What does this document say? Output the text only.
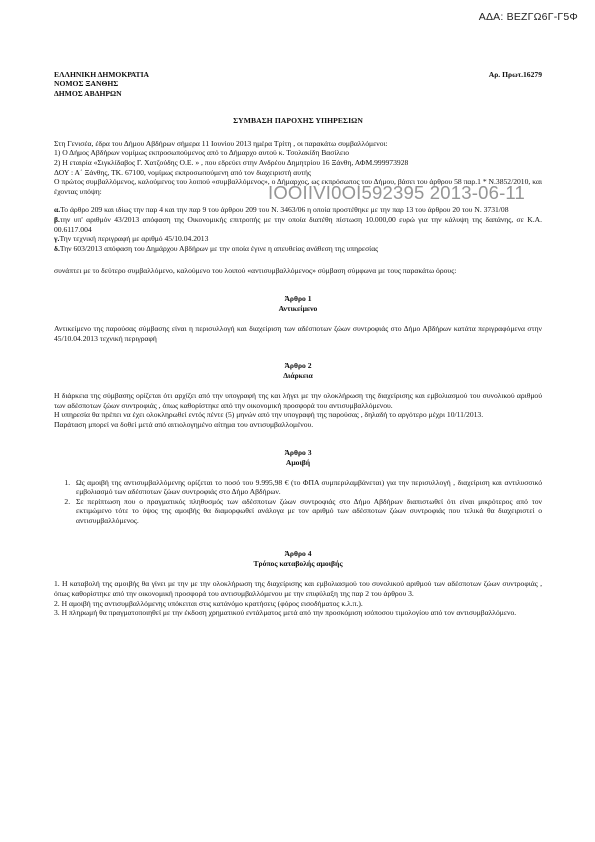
ΑΔΑ: ΒΕΖΓΩ6Γ-Γ5Φ
ΙΟΟΙΙVΙ0ΟΙ592395 2013-06-11
ΕΛΛΗΝΙΚΗ ΔΗΜΟΚΡΑΤΙΑ
ΝΟΜΟΣ ΞΑΝΘΗΣ
ΔΗΜΟΣ ΑΒΔΗΡΩΝ
Αρ. Πρωτ.16279
ΣΥΜΒΑΣΗ ΠΑΡΟΧΗΣ ΥΠΗΡΕΣΙΩΝ

Στη Γενισέα, έδρα του Δήμου Αβδήρων σήμερα 11 Ιουνίου 2013 ημέρα Τρίτη , οι παρακάτω συμβαλλόμενοι:

1) Ο Δήμος Αβδήρων νομίμως εκπροσωπούμενος από το Δήμαρχο αυτού κ. Τσολακίδη Βασίλειο

2) Η εταιρία «Σιγκλίδαβος Γ. Χατζούδης Ο.Ε. » , που εδρεύει στην Ανδρέου Δημητρίου 16 Ξάνθη, ΑΦΜ.999973928

ΔΟΥ : Α΄ Ξάνθης, ΤΚ. 67100, νομίμως εκπροσωπούμενη από τον διαχειριστή αυτής

Ο πρώτος συμβαλλόμενος, καλούμενος του λοιπού «συμβαλλόμενος», ο Δήμαρχος, ως εκπρόσωπος του Δήμου, βάσει του άρθρου 58 παρ.1 * Ν.3852/2010, και έχοντας υπόψη:

α.Το άρθρο 209 και ιδίως την παρ 4 και την παρ 9 του άρθρου 209 του Ν. 3463/06 η οποία προστέθηκε με την παρ 13 του άρθρου 20 του Ν. 3731/08

β.την υπ' αριθμόν 43/2013 απόφαση της Οικονομικής επιτροπής με την οποία διατέθη πίστωση 10.000,00 ευρώ για την κάλυψη της δαπάνης, σε Κ.Α. 00.6117.004

γ.Την τεχνική περιγραφή με αριθμό 45/10.04.2013

δ.Την 603/2013 απόφαση του Δημάρχου Αβδήρων με την οποία έγινε η απευθείας ανάθεση της υπηρεσίας

συνάπτει με το δεύτερο συμβαλλόμενο, καλούμενο του λοιπού «αντισυμβαλλόμενος» σύμβαση σύμφωνα με τους παρακάτω όρους:

Άρθρο 1
Αντικείμενο

Αντικείμενο της παρούσας σύμβασης είναι η περισυλλογή και διαχείριση των αδέσποτων ζώων συντροφιάς στο Δήμο Αβδήρων κατάτα περιγραφόμενα στην 45/10.04.2013 τεχνική περιγραφή

Άρθρο 2
Διάρκεια

Η διάρκεια της σύμβασης ορίζεται ότι αρχίζει από την υπογραφή της και λήγει με την ολοκλήρωση της διαχείρισης και εμβολιασμού του συνολικού αριθμού των αδέσποτων ζώων συντροφιάς , όπως καθορίστηκε από την οικονομική προσφορά του αντισυμβαλλόμενου.

Η υπηρεσία θα πρέπει να έχει ολοκληρωθεί εντός πέντε (5) μηνών από την υπογραφή της παρούσας , δηλαδή το αργότερο μέχρι 10/11/2013.

Παράταση μπορεί να δοθεί μετά από αιτιολογημένο αίτημα του αντισυμβαλλομένου.

Άρθρο 3
Αμοιβή
1. Ως αμοιβή της αντισυμβαλλόμενης ορίζεται το ποσό του 9.995,98 € (το ΦΠΑ συμπεριλαμβάνεται) για την περισυλλογή , διαχείριση και αντιλυσσικό εμβολιασμό των αδέσποτων ζώων συντροφιάς στο Δήμο Αβδήρων.
2. Σε περίπτωση που ο πραγματικός πληθυσμός των αδέσποτων ζώων συντροφιάς στο Δήμο Αβδήρων διαπιστωθεί ότι είναι μικρότερος από τον εκτιμώμενο τότε το ύψος της αμοιβής θα διαμορφωθεί ανάλογα με τον αριθμό των αδέσποτων ζώων συντροφιάς που τελικά θα διαχειριστεί ο αντισυμβαλλόμενος.
Άρθρο 4
Τρόπος καταβολής αμοιβής

1. Η καταβολή της αμοιβής θα γίνει με την με την ολοκλήρωση της διαχείρισης και εμβολιασμού του συνολικού αριθμού των αδέσποτων ζώων συντροφιάς , όπως καθορίστηκε από την οικονομική προσφορά του αντισυμβαλλόμενου με την επιφύλαξη της παρ 2 του άρθρου 3.

2. Η αμοιβή της αντισυμβαλλόμενης υπόκειται στις κατάνόμο κρατήσεις (φόρος εισοδήματος κ.λ.π.).

3. Η πληρωμή θα πραγματοποιηθεί με την έκδοση χρηματικού εντάλματος μετά από την προσκόμιση ισόποσου τιμολογίου από τον αντισυμβαλλόμενο.
